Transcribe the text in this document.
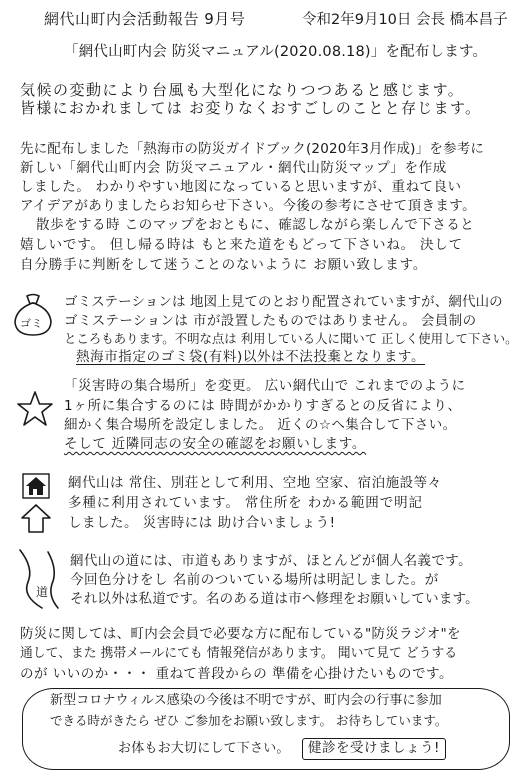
網代山町内会活動報告 9月号	令和2年9月10日 会長 橋本昌子
「網代山町内会 防災マニュアル(2020.08.18)」を配布します。
気候の変動により台風も大型化になりつつあると感じます。
皆様におかれましては お変りなくおすごしのことと存じます。
先に配布しました「熱海市の防災ガイドブック(2020年3月作成)」を参考に
新しい「網代山町内会 防災マニュアル・網代山防災マップ」を作成
しました。 わかりやすい地図になっていると思いますが、重ねて良い
アイデアがありましたらお知らせ下さい。今後の参考にさせて頂きます。
散歩をする時 このマップをおともに、確認しながら楽しんで下さると
嬉しいです。 但し帰る時は もと来た道をもどって下さいね。 決して
自分勝手に判断をして迷うことのないように お願い致します。
ゴミ
ゴミステーションは 地図上見てのとおり配置されていますが、網代山の
ゴミステーションは 市が設置したものではありません。 会員制の
ところもあります。不明な点は 利用している人に聞いて 正しく使用して下さい。
熱海市指定のゴミ袋(有料)以外は不法投棄となります。
「災害時の集合場所」を変更。 広い網代山で これまでのように
1ヶ所に集合するのには 時間がかかりすぎるとの反省により、
細かく集合場所を設定しました。 近くの☆へ集合して下さい。
そして 近隣同志の安全の確認をお願いします。
網代山は 常住、別荘として利用、空地 空家、宿泊施設等々
多種に利用されています。 常住所を わかる範囲で明記
しました。 災害時には 助け合いましょう!
道
網代山の道には、市道もありますが、ほとんどが個人名義です。
今回色分けをし 名前のついている場所は明記しました。が
それ以外は私道です。名のある道は市へ修理をお願いしています。
防災に関しては、町内会会員で必要な方に配布している"防災ラジオ"を
通して、また 携帯メールにても 情報発信があります。 聞いて見て どうする
のが いいのか・・・ 重ねて普段からの 準備を心掛けたいものです。
新型コロナウィルス感染の今後は不明ですが、町内会の行事に参加
できる時がきたら ぜひ ご参加をお願い致します。 お待ちしています。
お体もお大切にして下さい。	健診を受けましょう!
